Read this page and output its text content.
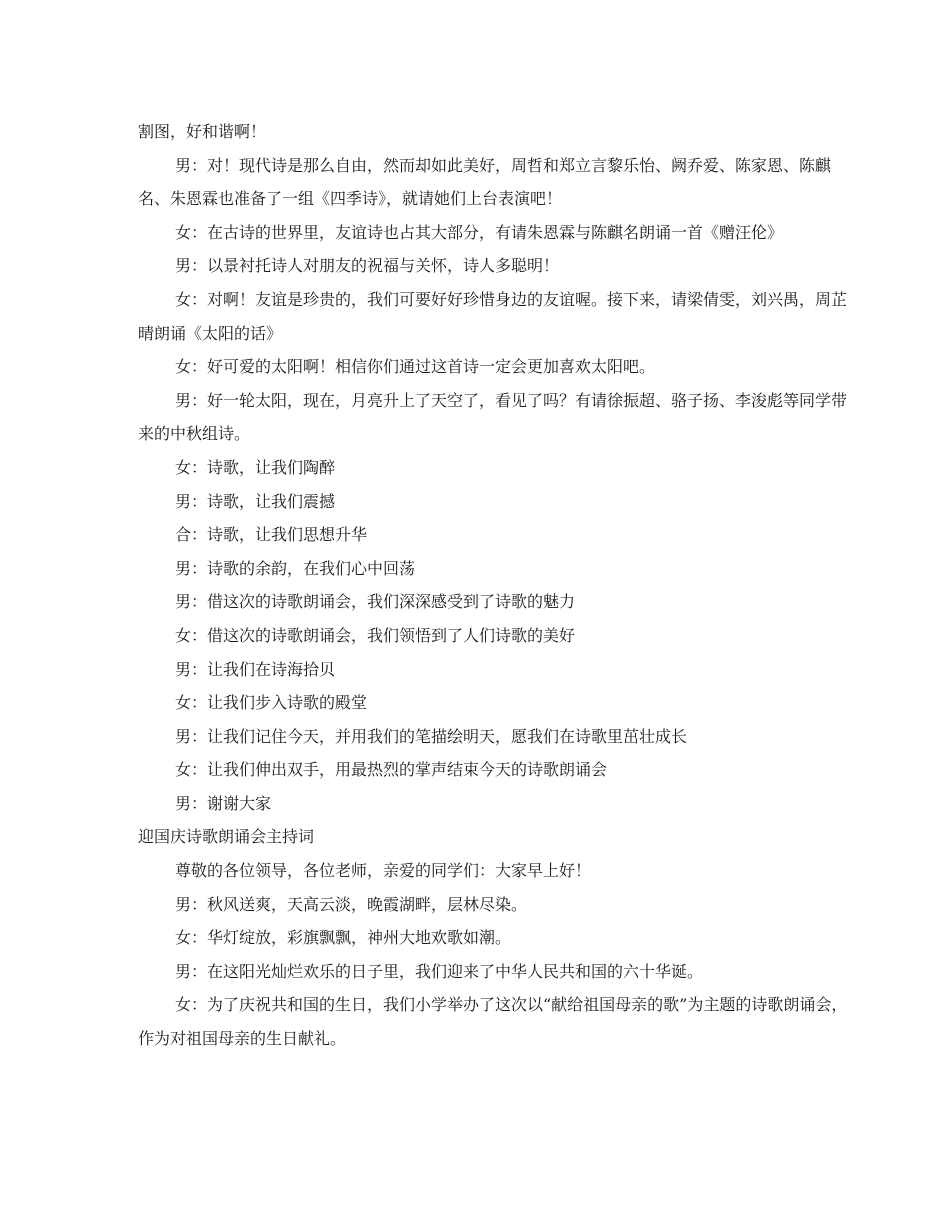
割图，好和谐啊！

男：对！现代诗是那么自由，然而却如此美好，周哲和郑立言黎乐怡、阙乔爱、陈家恩、陈麒名、朱恩霖也准备了一组《四季诗》，就请她们上台表演吧！

女：在古诗的世界里，友谊诗也占其大部分，有请朱恩霖与陈麒名朗诵一首《赠汪伦》

男：以景衬托诗人对朋友的祝福与关怀，诗人多聪明！

女：对啊！友谊是珍贵的，我们可要好好珍惜身边的友谊喔。接下来，请梁倩雯，刘兴禺，周芷晴朗诵《太阳的话》

女：好可爱的太阳啊！相信你们通过这首诗一定会更加喜欢太阳吧。

男：好一轮太阳，现在，月亮升上了天空了，看见了吗？有请徐振超、骆子扬、李浚彪等同学带来的中秋组诗。

女：诗歌，让我们陶醉

男：诗歌，让我们震撼

合：诗歌，让我们思想升华

男：诗歌的余韵，在我们心中回荡

男：借这次的诗歌朗诵会，我们深深感受到了诗歌的魅力

女：借这次的诗歌朗诵会，我们领悟到了人们诗歌的美好

男：让我们在诗海拾贝

女：让我们步入诗歌的殿堂

男：让我们记住今天，并用我们的笔描绘明天，愿我们在诗歌里茁壮成长

女：让我们伸出双手，用最热烈的掌声结束今天的诗歌朗诵会

男：谢谢大家

迎国庆诗歌朗诵会主持词

尊敬的各位领导，各位老师，亲爱的同学们：大家早上好！

男：秋风送爽，天高云淡，晚霞湖畔，层林尽染。

女：华灯绽放，彩旗飘飘，神州大地欢歌如潮。

男：在这阳光灿烂欢乐的日子里，我们迎来了中华人民共和国的六十华诞。

女：为了庆祝共和国的生日，我们小学举办了这次以“献给祖国母亲的歌”为主题的诗歌朗诵会，作为对祖国母亲的生日献礼。
